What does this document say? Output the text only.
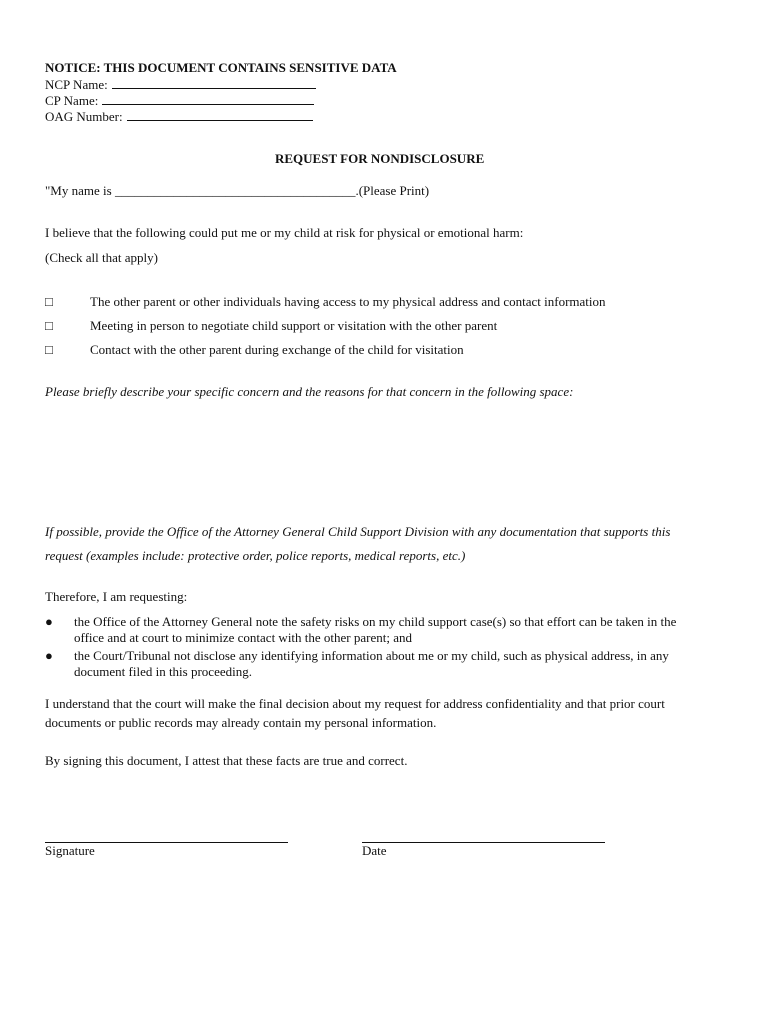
NOTICE: THIS DOCUMENT CONTAINS SENSITIVE DATA
NCP Name:
CP Name:
OAG Number:
REQUEST FOR NONDISCLOSURE
"My name is _____________________________________.(Please Print)
I believe that the following could put me or my child at risk for physical or emotional harm:
(Check all that apply)
□	The other parent or other individuals having access to my physical address and contact information
□	Meeting in person to negotiate child support or visitation with the other parent
□	Contact with the other parent during exchange of the child for visitation
Please briefly describe your specific concern and the reasons for that concern in the following space:
If possible, provide the Office of the Attorney General Child Support Division with any documentation that supports this
request (examples include: protective order, police reports, medical reports, etc.)
Therefore, I am requesting:
● the Office of the Attorney General note the safety risks on my child support case(s) so that effort can be taken in the
office and at court to minimize contact with the other parent; and
● the Court/Tribunal not disclose any identifying information about me or my child, such as physical address, in any
document filed in this proceeding.
I understand that the court will make the final decision about my request for address confidentiality and that prior court
documents or public records may already contain my personal information.
By signing this document, I attest that these facts are true and correct.
Signature	Date
